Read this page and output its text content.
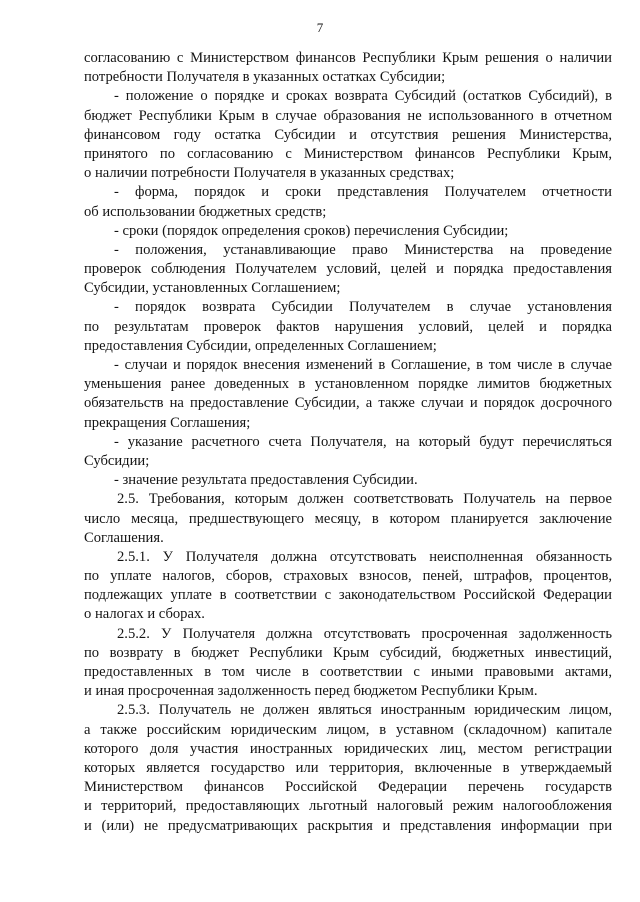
7
согласованию с Министерством финансов Республики Крым решения о наличии
потребности Получателя в указанных остатках Субсидии;
- положение о порядке и сроках возврата Субсидий (остатков Субсидий), в
бюджет Республики Крым в случае образования не использованного в отчетном
финансовом году остатка Субсидии и отсутствия решения Министерства,
принятого по согласованию с Министерством финансов Республики Крым,
о наличии потребности Получателя в указанных средствах;
- форма, порядок и сроки представления Получателем отчетности
об использовании бюджетных средств;
- сроки (порядок определения сроков) перечисления Субсидии;
- положения, устанавливающие право Министерства на проведение
проверок соблюдения Получателем условий, целей и порядка предоставления
Субсидии, установленных Соглашением;
- порядок возврата Субсидии Получателем в случае установления
по результатам проверок фактов нарушения условий, целей и порядка
предоставления Субсидии, определенных Соглашением;
- случаи и порядок внесения изменений в Соглашение, в том числе в случае
уменьшения ранее доведенных в установленном порядке лимитов бюджетных
обязательств на предоставление Субсидии, а также случаи и порядок досрочного
прекращения Соглашения;
- указание расчетного счета Получателя, на который будут перечисляться
Субсидии;
- значение результата предоставления Субсидии.
2.5. Требования, которым должен соответствовать Получатель на первое
число месяца, предшествующего месяцу, в котором планируется заключение
Соглашения.
2.5.1. У Получателя должна отсутствовать неисполненная обязанность
по уплате налогов, сборов, страховых взносов, пеней, штрафов, процентов,
подлежащих уплате в соответствии с законодательством Российской Федерации
о налогах и сборах.
2.5.2. У Получателя должна отсутствовать просроченная задолженность
по возврату в бюджет Республики Крым субсидий, бюджетных инвестиций,
предоставленных в том числе в соответствии с иными правовыми актами,
и иная просроченная задолженность перед бюджетом Республики Крым.
2.5.3. Получатель не должен являться иностранным юридическим лицом,
а также российским юридическим лицом, в уставном (складочном) капитале
которого доля участия иностранных юридических лиц, местом регистрации
которых является государство или территория, включенные в утверждаемый
Министерством финансов Российской Федерации перечень государств
и территорий, предоставляющих льготный налоговый режим налогообложения
и (или) не предусматривающих раскрытия и представления информации при
